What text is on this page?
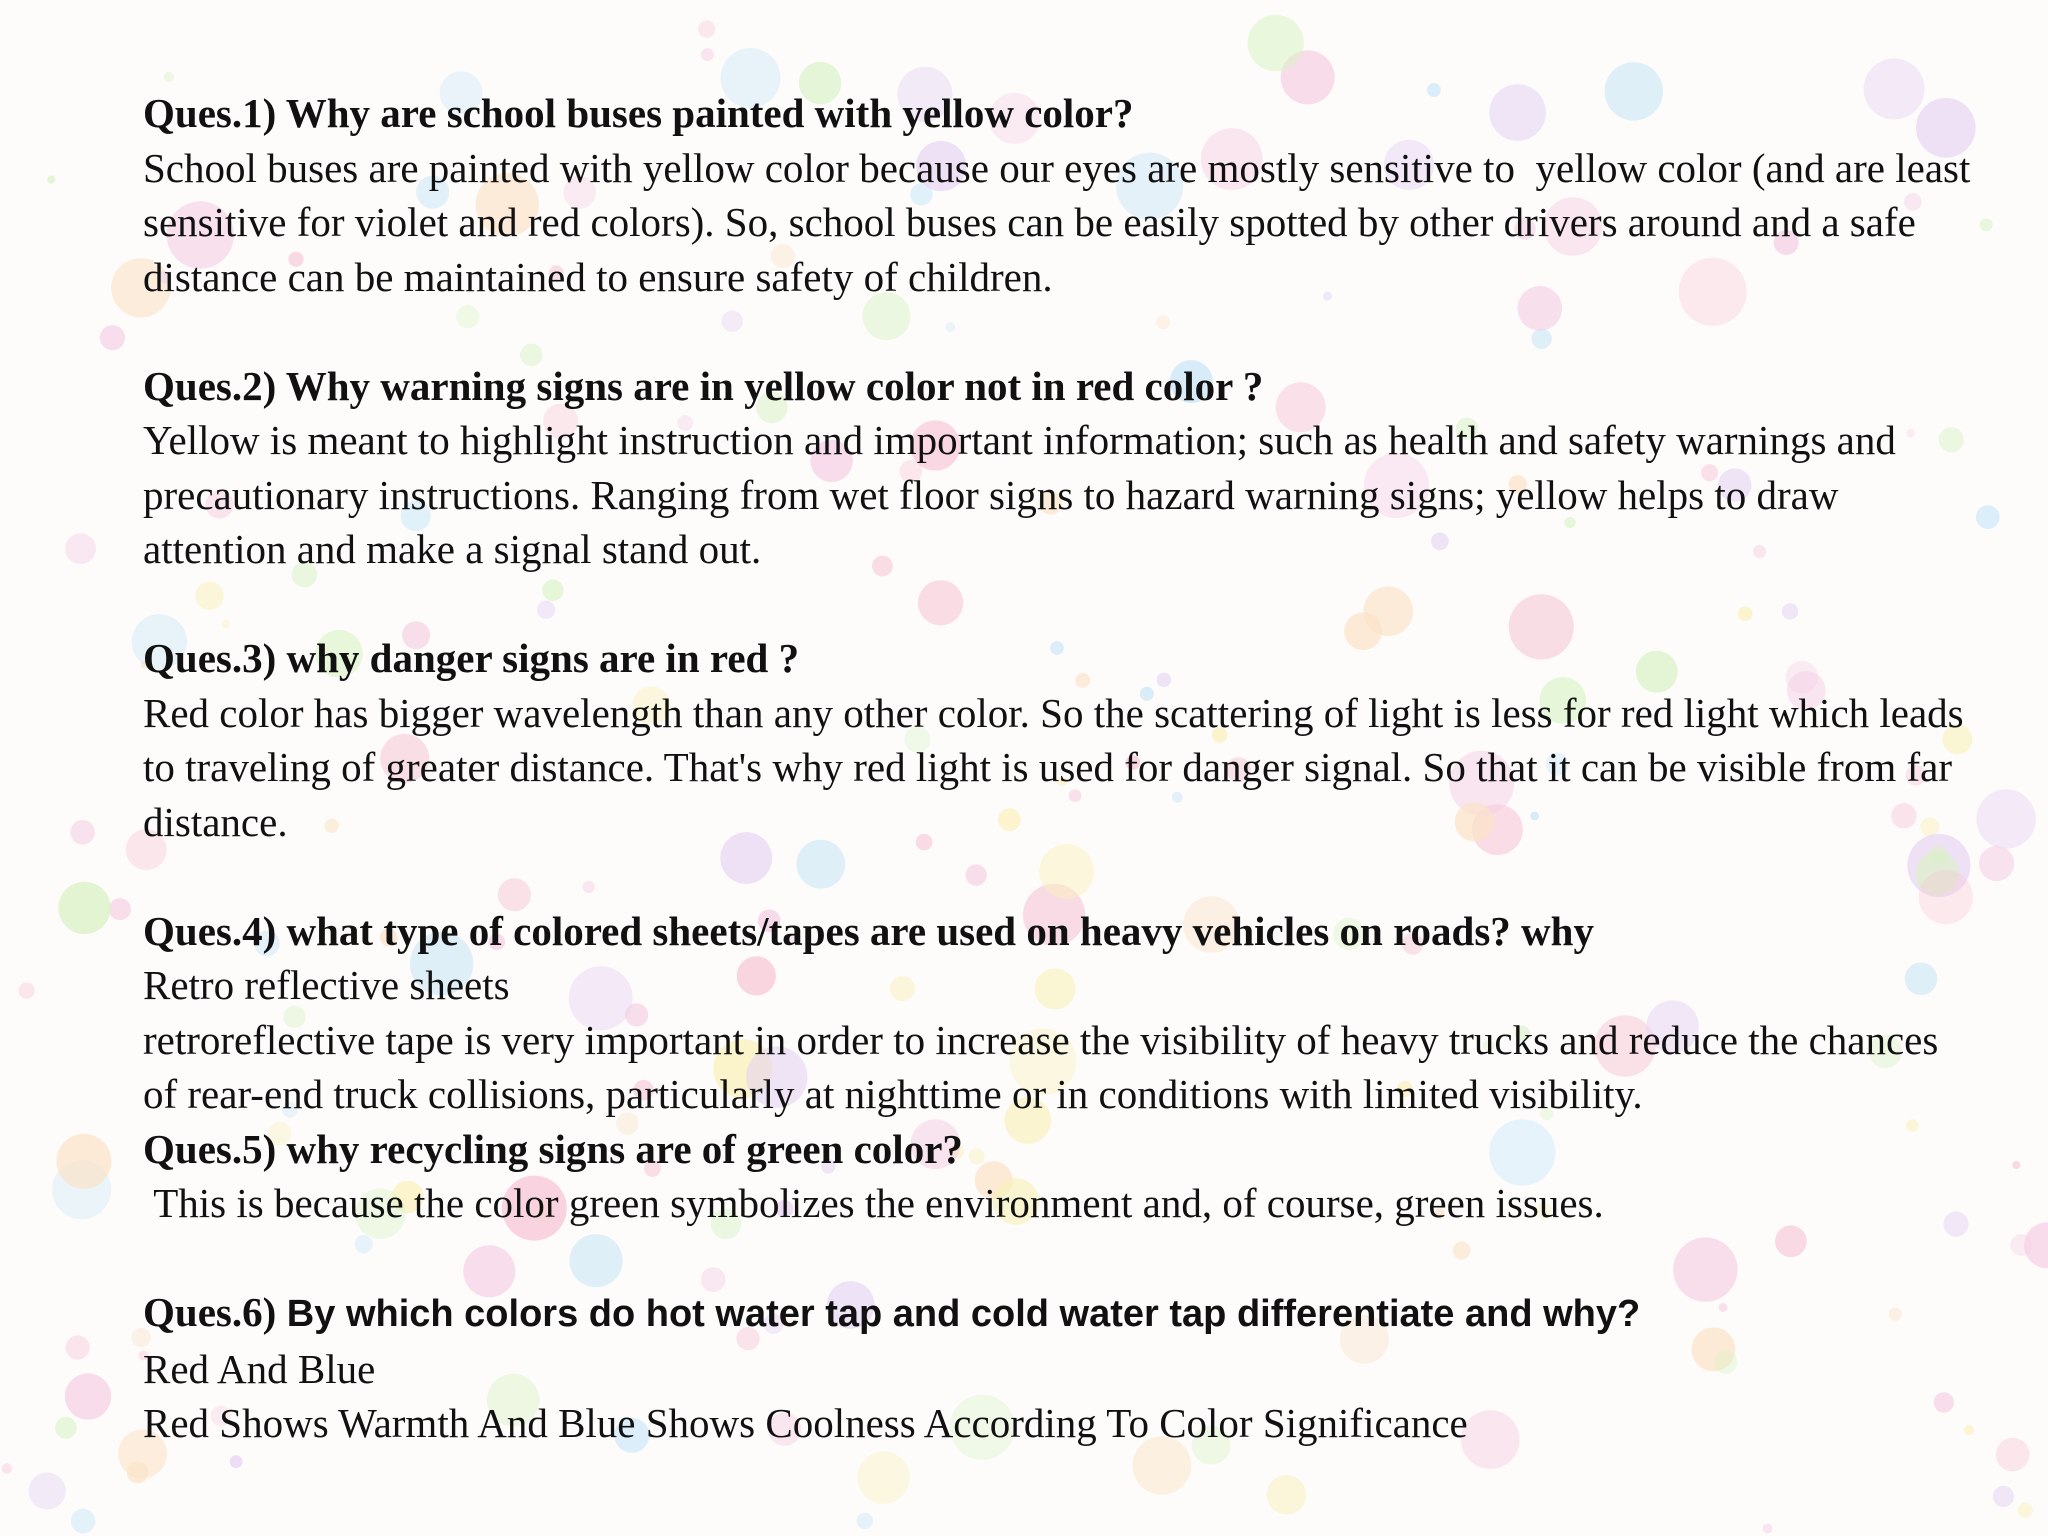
Ques.1) Why are school buses painted with yellow color?
School buses are painted with yellow color because our eyes are mostly sensitive to  yellow color (and are least sensitive for violet and red colors). So, school buses can be easily spotted by other drivers around and a safe distance can be maintained to ensure safety of children.
Ques.2) Why warning signs are in yellow color not in red color ?
Yellow is meant to highlight instruction and important information; such as health and safety warnings and precautionary instructions. Ranging from wet floor signs to hazard warning signs; yellow helps to draw attention and make a signal stand out.
Ques.3) why danger signs are in red ?
Red color has bigger wavelength than any other color. So the scattering of light is less for red light which leads to traveling of greater distance. That's why red light is used for danger signal. So that it can be visible from far distance.
Ques.4) what type of colored sheets/tapes are used on heavy vehicles on roads? why
Retro reflective sheets
retroreflective tape is very important in order to increase the visibility of heavy trucks and reduce the chances of rear-end truck collisions, particularly at nighttime or in conditions with limited visibility.
Ques.5) why recycling signs are of green color?
This is because the color green symbolizes the environment and, of course, green issues.
Ques.6) By which colors do hot water tap and cold water tap differentiate and why?
Red And Blue
Red Shows Warmth And Blue Shows Coolness According To Color Significance
